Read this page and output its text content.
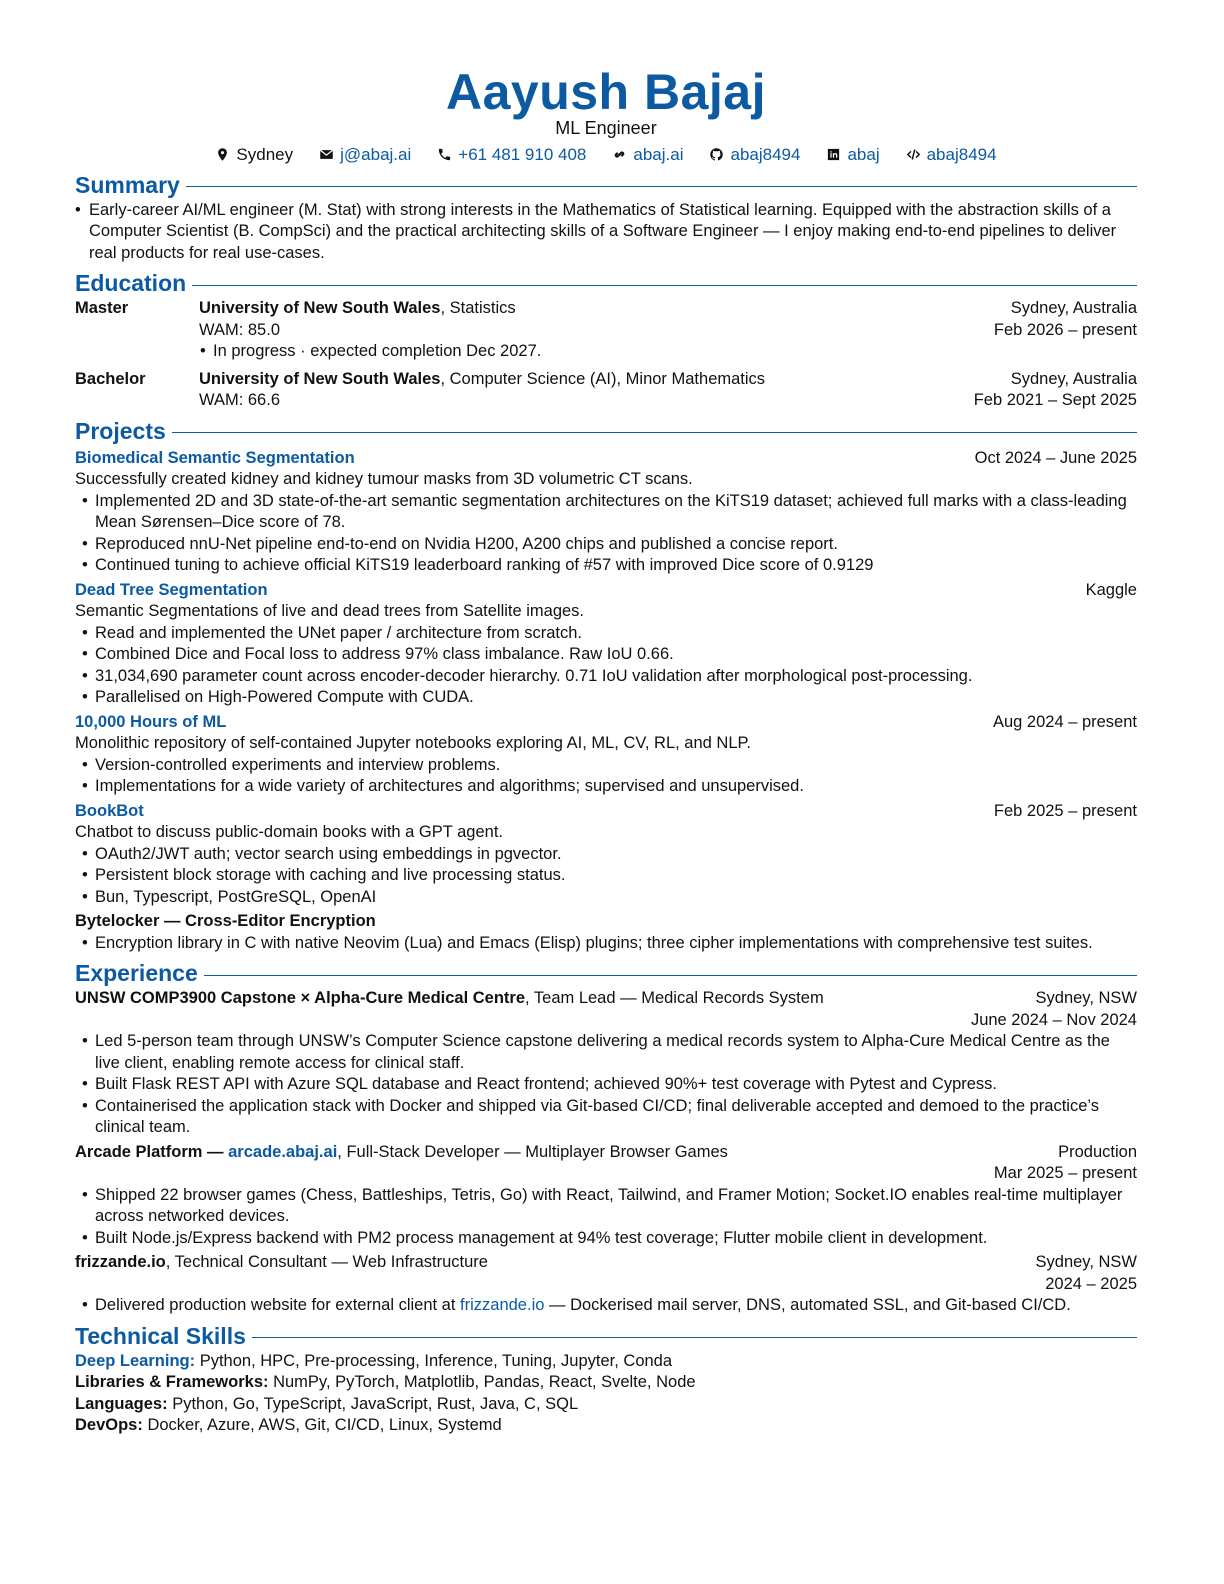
Aayush Bajaj
ML Engineer
Sydney	j@abaj.ai	+61 481 910 408	abaj.ai	abaj8494	abaj	abaj8494
Summary
• Early-career AI/ML engineer (M. Stat) with strong interests in the Mathematics of Statistical learning. Equipped with the abstraction skills of a Computer Scientist (B. CompSci) and the practical architecting skills of a Software Engineer — I enjoy making end-to-end pipelines to deliver real products for real use-cases.
Education
Master	University of New South Wales, Statistics	Sydney, Australia
WAM: 85.0	Feb 2026 – present
• In progress · expected completion Dec 2027.
Bachelor	University of New South Wales, Computer Science (AI), Minor Mathematics	Sydney, Australia
WAM: 66.6	Feb 2021 – Sept 2025
Projects
Biomedical Semantic Segmentation	Oct 2024 – June 2025
Successfully created kidney and kidney tumour masks from 3D volumetric CT scans.
• Implemented 2D and 3D state-of-the-art semantic segmentation architectures on the KiTS19 dataset; achieved full marks with a class-leading Mean Sørensen–Dice score of 78.
• Reproduced nnU-Net pipeline end-to-end on Nvidia H200, A200 chips and published a concise report.
• Continued tuning to achieve official KiTS19 leaderboard ranking of #57 with improved Dice score of 0.9129
Dead Tree Segmentation	Kaggle
Semantic Segmentations of live and dead trees from Satellite images.
• Read and implemented the UNet paper / architecture from scratch.
• Combined Dice and Focal loss to address 97% class imbalance. Raw IoU 0.66.
• 31,034,690 parameter count across encoder-decoder hierarchy. 0.71 IoU validation after morphological post-processing.
• Parallelised on High-Powered Compute with CUDA.
10,000 Hours of ML	Aug 2024 – present
Monolithic repository of self-contained Jupyter notebooks exploring AI, ML, CV, RL, and NLP.
• Version-controlled experiments and interview problems.
• Implementations for a wide variety of architectures and algorithms; supervised and unsupervised.
BookBot	Feb 2025 – present
Chatbot to discuss public-domain books with a GPT agent.
• OAuth2/JWT auth; vector search using embeddings in pgvector.
• Persistent block storage with caching and live processing status.
• Bun, Typescript, PostGreSQL, OpenAI
Bytelocker — Cross-Editor Encryption
• Encryption library in C with native Neovim (Lua) and Emacs (Elisp) plugins; three cipher implementations with comprehensive test suites.
Experience
UNSW COMP3900 Capstone × Alpha-Cure Medical Centre, Team Lead — Medical Records System	Sydney, NSW
June 2024 – Nov 2024
• Led 5-person team through UNSW’s Computer Science capstone delivering a medical records system to Alpha-Cure Medical Centre as the live client, enabling remote access for clinical staff.
• Built Flask REST API with Azure SQL database and React frontend; achieved 90%+ test coverage with Pytest and Cypress.
• Containerised the application stack with Docker and shipped via Git-based CI/CD; final deliverable accepted and demoed to the practice’s clinical team.
Arcade Platform — arcade.abaj.ai, Full-Stack Developer — Multiplayer Browser Games	Production
Mar 2025 – present
• Shipped 22 browser games (Chess, Battleships, Tetris, Go) with React, Tailwind, and Framer Motion; Socket.IO enables real-time multiplayer across networked devices.
• Built Node.js/Express backend with PM2 process management at 94% test coverage; Flutter mobile client in development.
frizzande.io, Technical Consultant — Web Infrastructure	Sydney, NSW
2024 – 2025
• Delivered production website for external client at frizzande.io — Dockerised mail server, DNS, automated SSL, and Git-based CI/CD.
Technical Skills
Deep Learning: Python, HPC, Pre-processing, Inference, Tuning, Jupyter, Conda
Libraries & Frameworks: NumPy, PyTorch, Matplotlib, Pandas, React, Svelte, Node
Languages: Python, Go, TypeScript, JavaScript, Rust, Java, C, SQL
DevOps: Docker, Azure, AWS, Git, CI/CD, Linux, Systemd
